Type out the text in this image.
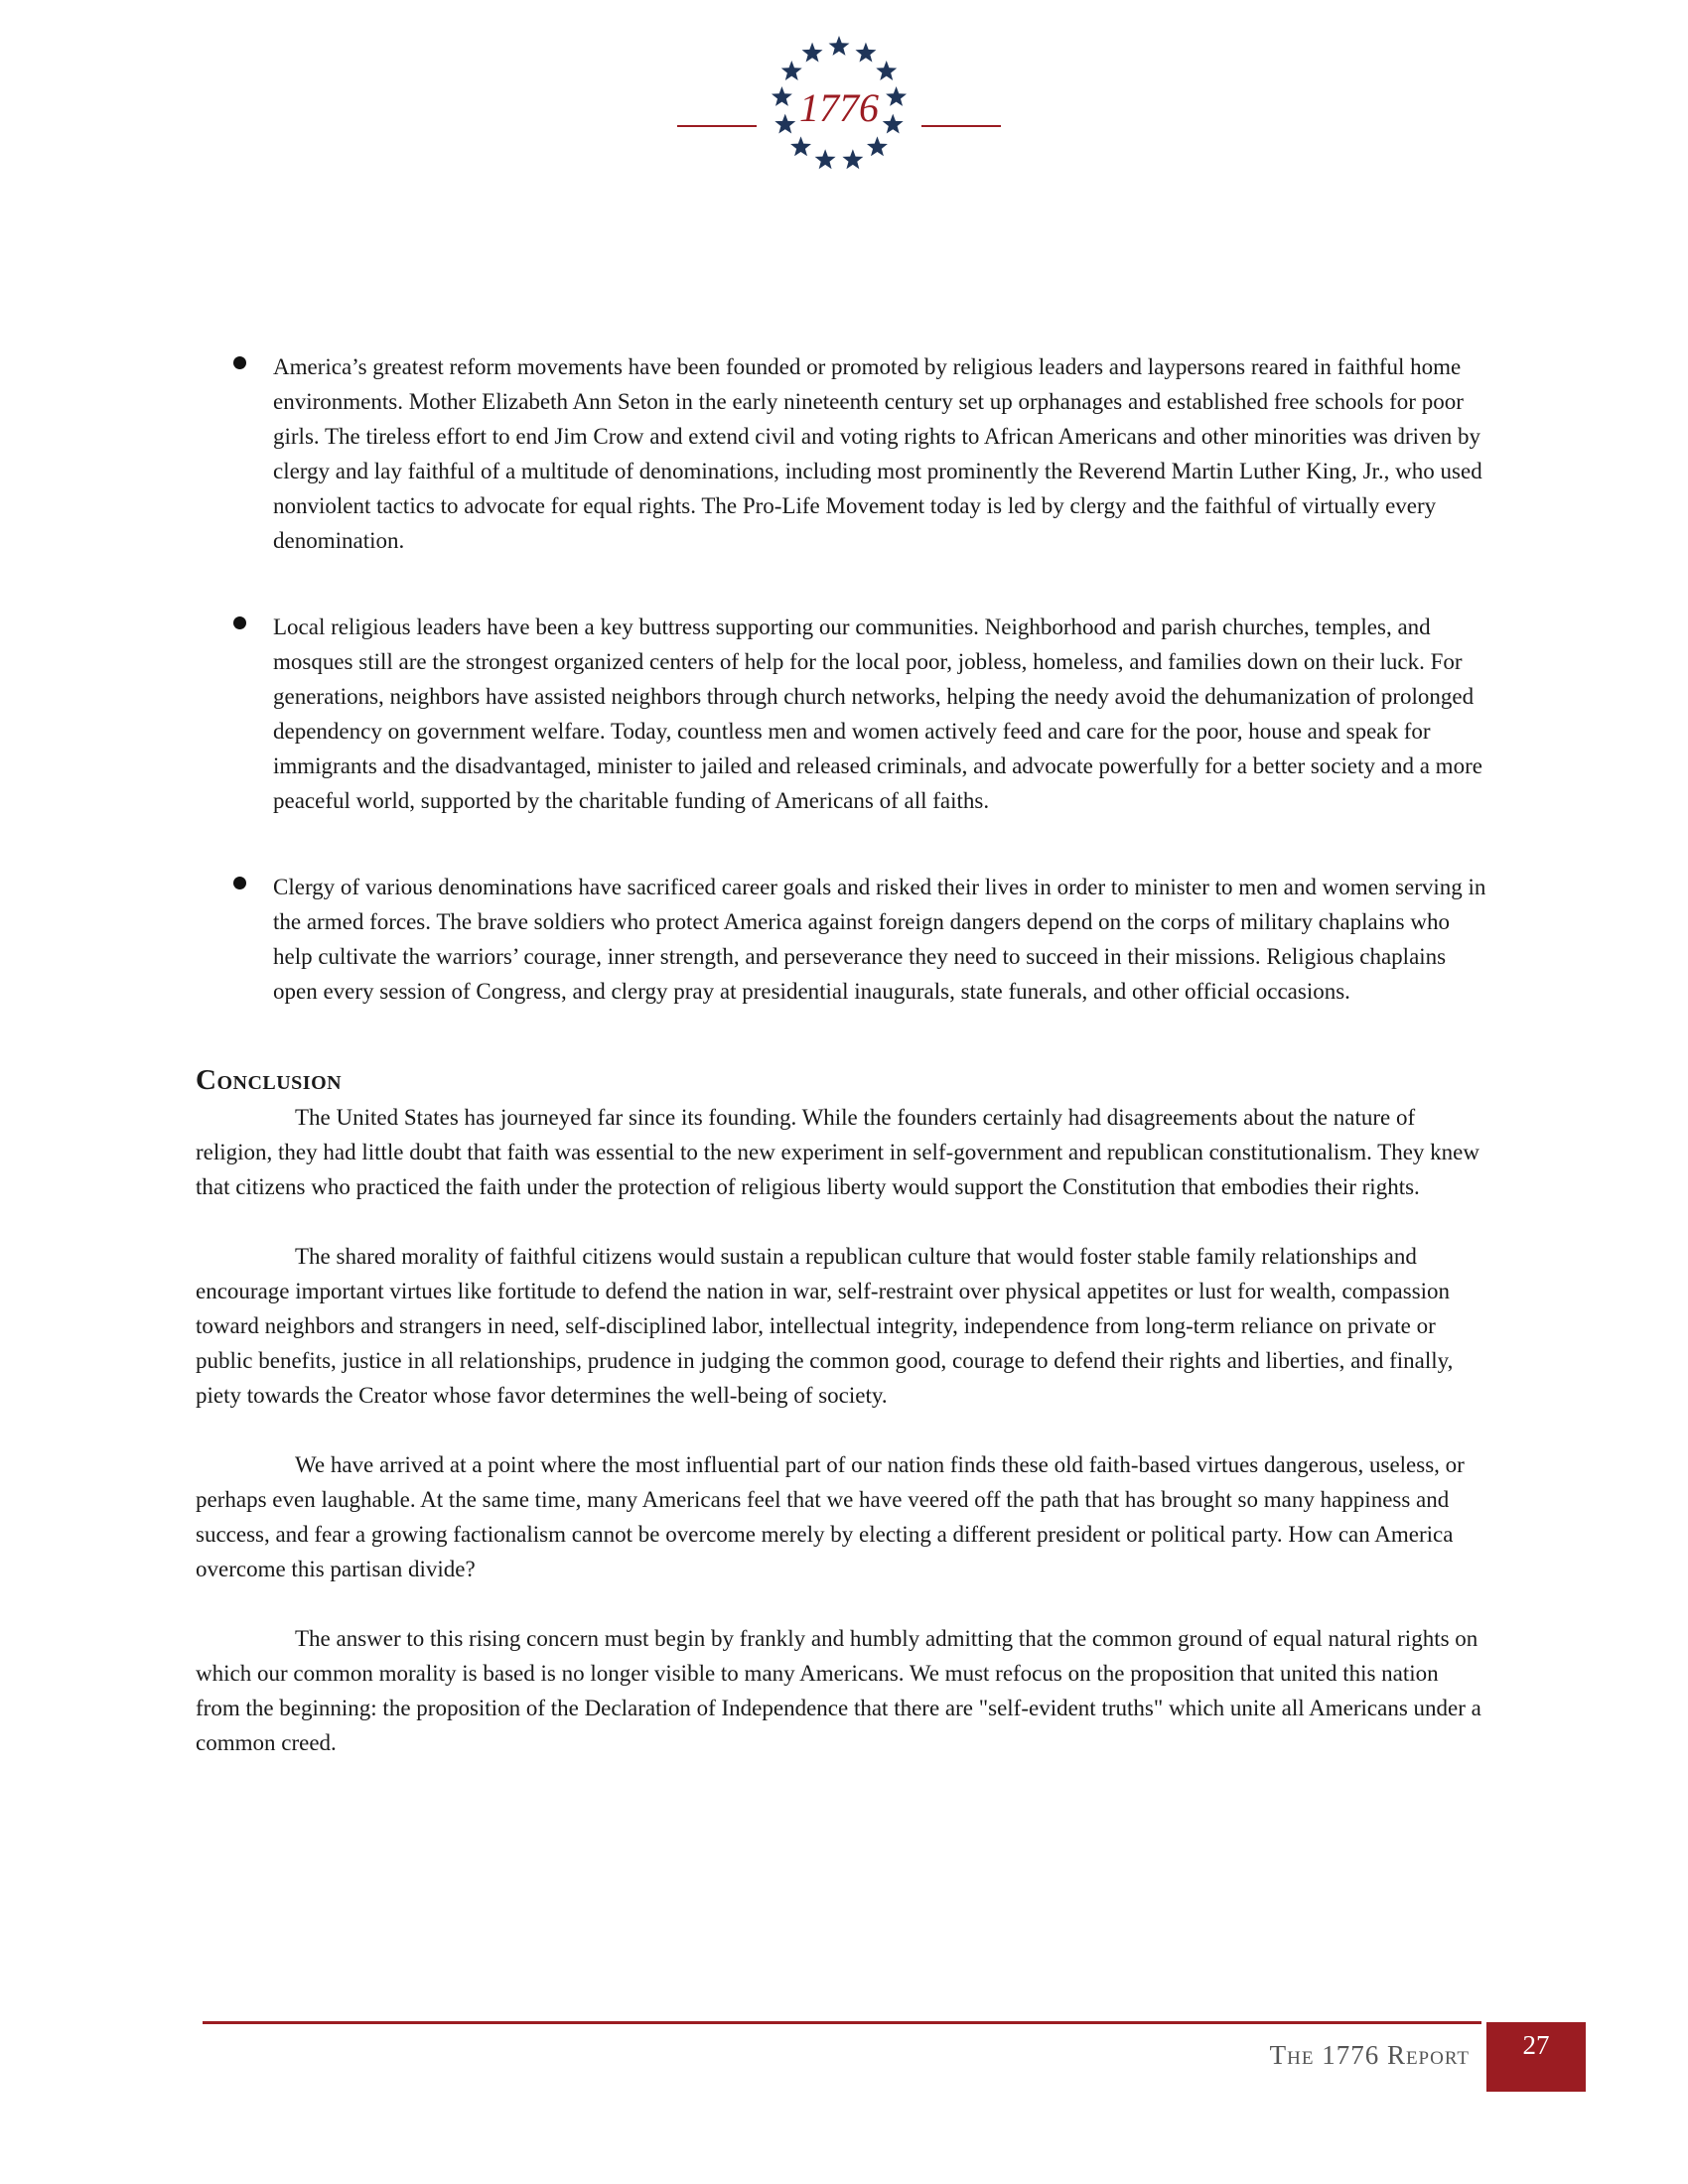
1776
America’s greatest reform movements have been founded or promoted by religious leaders and laypersons reared in faithful home environments. Mother Elizabeth Ann Seton in the early nineteenth century set up orphanages and established free schools for poor girls. The tireless effort to end Jim Crow and extend civil and voting rights to African Americans and other minorities was driven by clergy and lay faithful of a multitude of denominations, including most prominently the Reverend Martin Luther King, Jr., who used nonviolent tactics to advocate for equal rights. The Pro-Life Movement today is led by clergy and the faithful of virtually every denomination.
Local religious leaders have been a key buttress supporting our communities. Neighborhood and parish churches, temples, and mosques still are the strongest organized centers of help for the local poor, jobless, homeless, and families down on their luck. For generations, neighbors have assisted neighbors through church networks, helping the needy avoid the dehumanization of prolonged dependency on government welfare. Today, countless men and women actively feed and care for the poor, house and speak for immigrants and the disadvantaged, minister to jailed and released criminals, and advocate powerfully for a better society and a more peaceful world, supported by the charitable funding of Americans of all faiths.
Clergy of various denominations have sacrificed career goals and risked their lives in order to minister to men and women serving in the armed forces. The brave soldiers who protect America against foreign dangers depend on the corps of military chaplains who help cultivate the warriors’ courage, inner strength, and perseverance they need to succeed in their missions. Religious chaplains open every session of Congress, and clergy pray at presidential inaugurals, state funerals, and other official occasions.
Conclusion

The United States has journeyed far since its founding. While the founders certainly had disagreements about the nature of religion, they had little doubt that faith was essential to the new experiment in self-government and republican constitutionalism. They knew that citizens who practiced the faith under the protection of religious liberty would support the Constitution that embodies their rights.

The shared morality of faithful citizens would sustain a republican culture that would foster stable family relationships and encourage important virtues like fortitude to defend the nation in war, self-restraint over physical appetites or lust for wealth, compassion toward neighbors and strangers in need, self-disciplined labor, intellectual integrity, independence from long-term reliance on private or public benefits, justice in all relationships, prudence in judging the common good, courage to defend their rights and liberties, and finally, piety towards the Creator whose favor determines the well-being of society.

We have arrived at a point where the most influential part of our nation finds these old faith-based virtues dangerous, useless, or perhaps even laughable. At the same time, many Americans feel that we have veered off the path that has brought so many happiness and success, and fear a growing factionalism cannot be overcome merely by electing a different president or political party. How can America overcome this partisan divide?

The answer to this rising concern must begin by frankly and humbly admitting that the common ground of equal natural rights on which our common morality is based is no longer visible to many Americans. We must refocus on the proposition that united this nation from the beginning: the proposition of the Declaration of Independence that there are "self-evident truths" which unite all Americans under a common creed.

The 1776 Report	27
